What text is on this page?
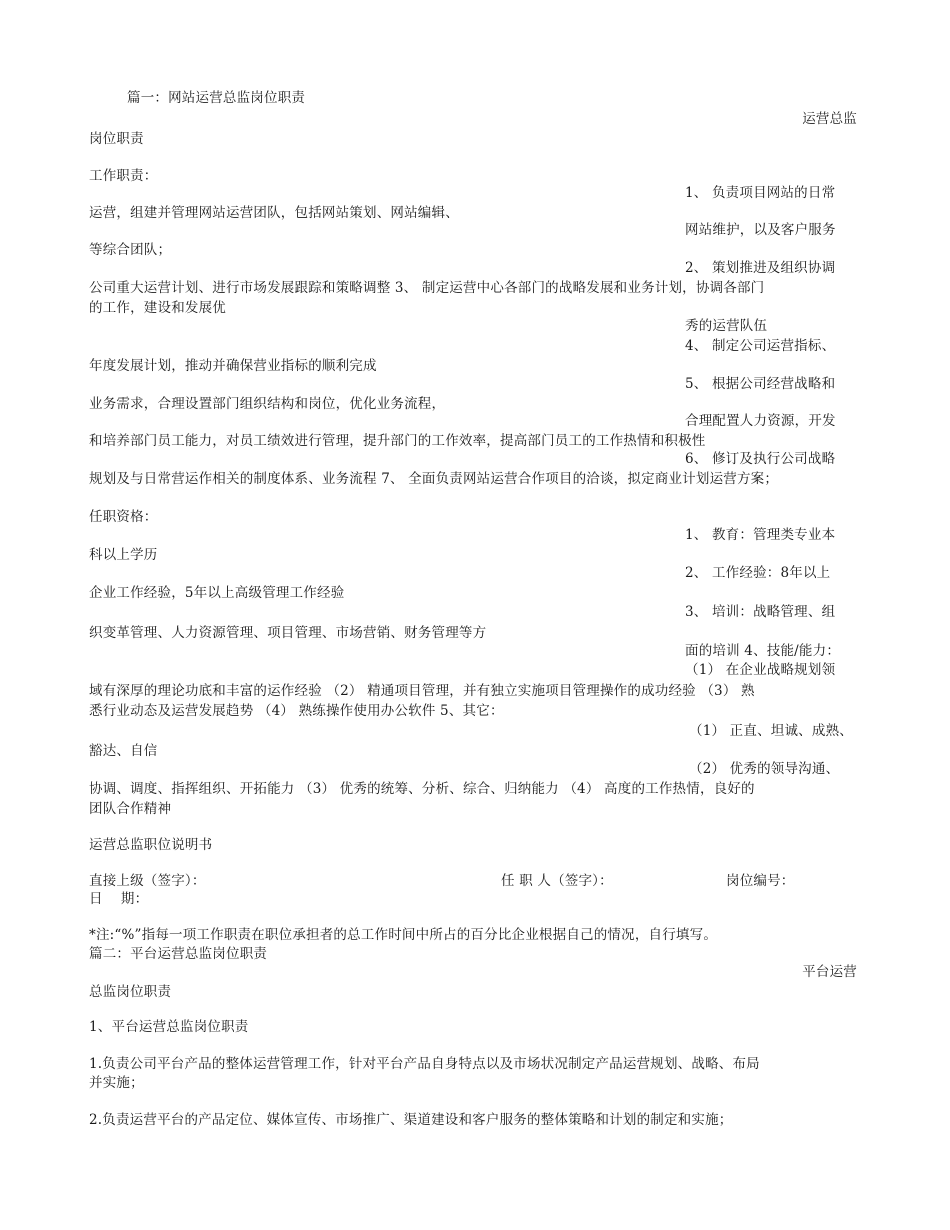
篇一：网站运营总监岗位职责
运营总监
岗位职责
工作职责：
1、 负责项目网站的日常
运营，组建并管理网站运营团队，包括网站策划、网站编辑、
网站维护，以及客户服务
等综合团队；
2、 策划推进及组织协调
公司重大运营计划、进行市场发展跟踪和策略调整 3、 制定运营中心各部门的战略发展和业务计划，协调各部门
的工作，建设和发展优
秀的运营队伍
4、 制定公司运营指标、
年度发展计划，推动并确保营业指标的顺利完成
5、 根据公司经营战略和
业务需求，合理设置部门组织结构和岗位，优化业务流程，
合理配置人力资源，开发
和培养部门员工能力，对员工绩效进行管理，提升部门的工作效率，提高部门员工的工作热情和积极性
6、 修订及执行公司战略
规划及与日常营运作相关的制度体系、业务流程 7、 全面负责网站运营合作项目的洽谈，拟定商业计划运营方案；
任职资格：
1、 教育：管理类专业本
科以上学历
2、 工作经验：8年以上
企业工作经验，5年以上高级管理工作经验
3、 培训：战略管理、组
织变革管理、人力资源管理、项目管理、市场营销、财务管理等方
面的培训 4、技能/能力：
（1） 在企业战略规划领
域有深厚的理论功底和丰富的运作经验 （2） 精通项目管理，并有独立实施项目管理操作的成功经验 （3） 熟
悉行业动态及运营发展趋势 （4） 熟练操作使用办公软件 5、其它：
（1） 正直、坦诚、成熟、
豁达、自信
（2） 优秀的领导沟通、
协调、调度、指挥组织、开拓能力 （3） 优秀的统筹、分析、综合、归纳能力 （4） 高度的工作热情，良好的
团队合作精神
运营总监职位说明书
直接上级（签字）：	任 职 人（签字）：	岗位编号：
日　 期：
*注:“%”指每一项工作职责在职位承担者的总工作时间中所占的百分比企业根据自己的情况，自行填写。
篇二：平台运营总监岗位职责
平台运营
总监岗位职责
1、平台运营总监岗位职责
1.负责公司平台产品的整体运营管理工作，针对平台产品自身特点以及市场状况制定产品运营规划、战略、布局
并实施；
2.负责运营平台的产品定位、媒体宣传、市场推广、渠道建设和客户服务的整体策略和计划的制定和实施；
